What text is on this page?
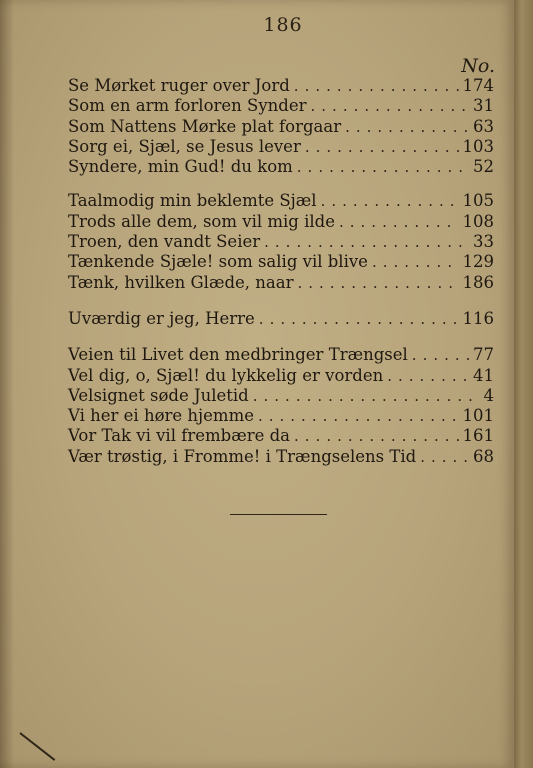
186
No.
Se Mørket ruger over Jord .....	174
Som en arm forloren Synder .....	31
Som Nattens Mørke plat forgaar .....	63
Sorg ei, Sjæl, se Jesus lever .....	103
Syndere, min Gud! du kom .....	52
Taalmodig min beklemte Sjæl .....	105
Trods alle dem, som vil mig ilde .....	108
Troen, den vandt Seier .....	33
Tænkende Sjæle! som salig vil blive .....	129
Tænk, hvilken Glæde, naar .....	186
Uværdig er jeg, Herre .....	116
Veien til Livet den medbringer Trængsel .....	77
Vel dig, o, Sjæl! du lykkelig er vorden .....	41
Velsignet søde Juletid .....	4
Vi her ei høre hjemme .....	101
Vor Tak vi vil frembære da .....	161
Vær trøstig, i Fromme! i Trængselens Tid .....	68
